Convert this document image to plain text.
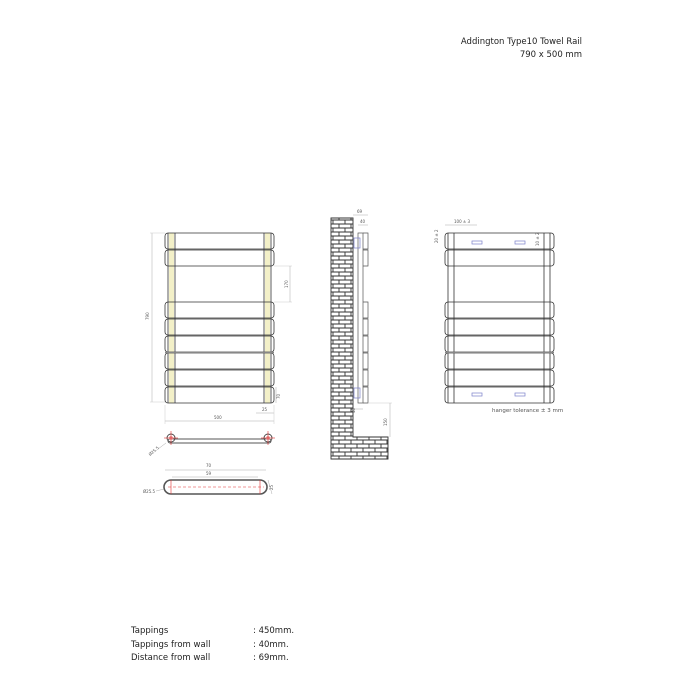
Addington Type10 Towel Rail
790 x 500 mm
790
170
70
25
500
Ø25.5
70
59
25
Ø25.5
69
40
40
150
100 ± 3
20 ± 2	10 ± 2
hanger tolerance ± 3 mm
Tappings	: 450mm.
Tappings from wall	: 40mm.
Distance from wall	: 69mm.
